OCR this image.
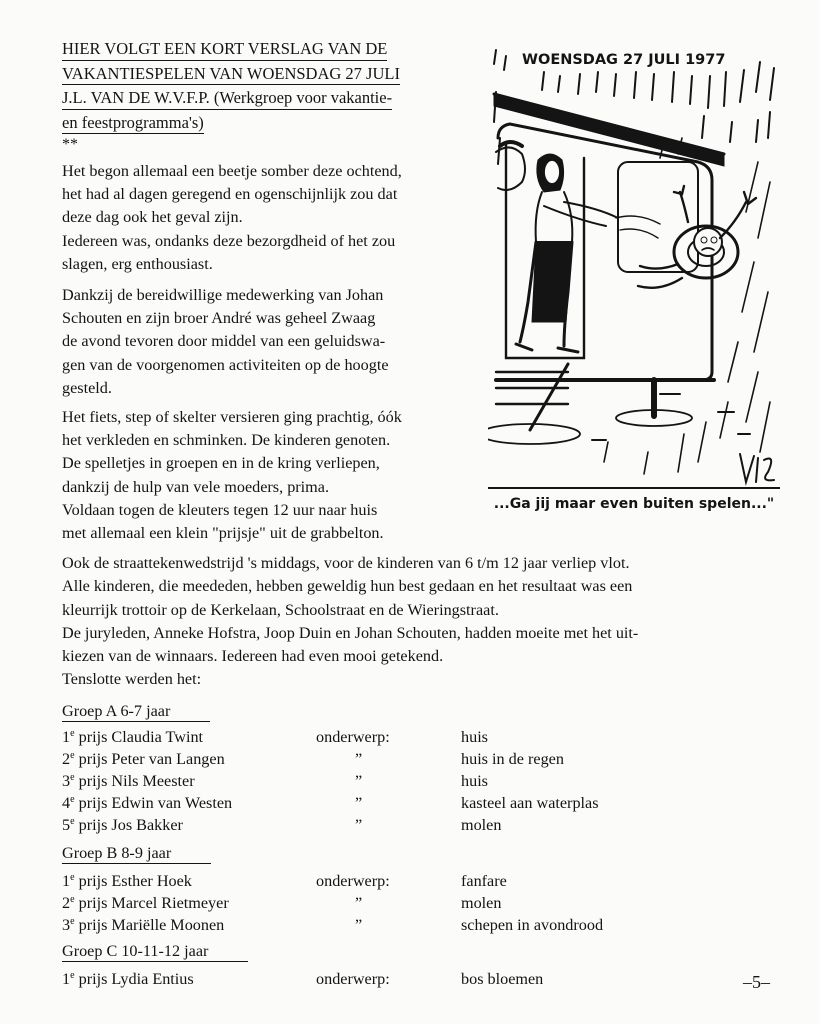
HIER VOLGT EEN KORT VERSLAG VAN DE
VAKANTIESPELEN VAN WOENSDAG 27 JULI
J.L. VAN DE W.V.F.P. (Werkgroep voor vakantie-
en feestprogramma's)
**
Het begon allemaal een beetje somber deze ochtend,
het had al dagen geregend en ogenschijnlijk zou dat
deze dag ook het geval zijn.
Iedereen was, ondanks deze bezorgdheid of het zou
slagen, erg enthousiast.
Dankzij de bereidwillige medewerking van Johan
Schouten en zijn broer André was geheel Zwaag
de avond tevoren door middel van een geluidswa-
gen van de voorgenomen activiteiten op de hoogte
gesteld.
Het fiets, step of skelter versieren ging prachtig, óók
het verkleden en schminken. De kinderen genoten.
De spelletjes in groepen en in de kring verliepen,
dankzij de hulp van vele moeders, prima.
Voldaan togen de kleuters tegen 12 uur naar huis
met allemaal een klein "prijsje" uit de grabbelton.
WOENSDAG 27 JULI 1977
...Ga jij maar even buiten spelen..."
Ook de straattekenwedstrijd 's middags, voor de kinderen van 6 t/m 12 jaar verliep vlot.
Alle kinderen, die meededen, hebben geweldig hun best gedaan en het resultaat was een
kleurrijk trottoir op de Kerkelaan, Schoolstraat en de Wieringstraat.
De juryleden, Anneke Hofstra, Joop Duin en Johan Schouten, hadden moeite met het uit-
kiezen van de winnaars. Iedereen had even mooi getekend.
Tenslotte werden het:
Groep A 6-7 jaar
1e prijs Claudia Twint	onderwerp:	huis
2e prijs Peter van Langen	”	huis in de regen
3e prijs Nils Meester	”	huis
4e prijs Edwin van Westen	”	kasteel aan waterplas
5e prijs Jos Bakker	”	molen
Groep B 8-9 jaar
1e prijs Esther Hoek	onderwerp:	fanfare
2e prijs Marcel Rietmeyer	”	molen
3e prijs Mariëlle Moonen	”	schepen in avondrood
Groep C 10-11-12 jaar
1e prijs Lydia Entius	onderwerp:	bos bloemen	–5–
